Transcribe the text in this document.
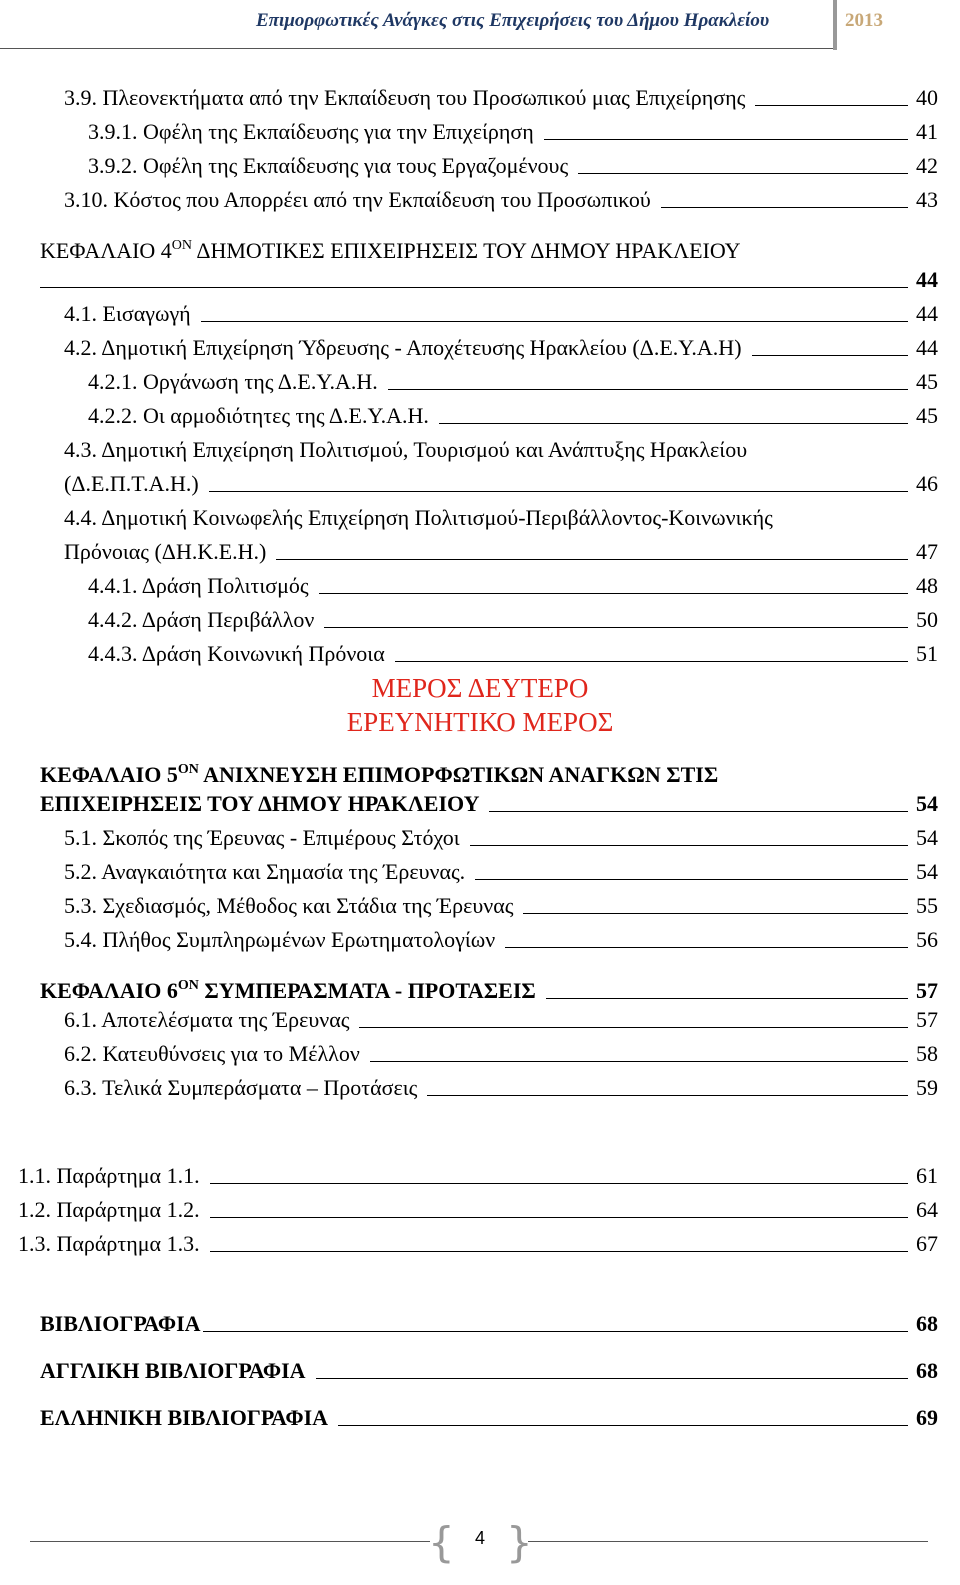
Επιμορφωτικές Ανάγκες στις Επιχειρήσεις του Δήμου Ηρακλείου	2013
3.9. Πλεονεκτήματα από την Εκπαίδευση του Προσωπικού μιας Επιχείρησης	40
3.9.1. Οφέλη της Εκπαίδευσης για την Επιχείρηση	41
3.9.2. Οφέλη της Εκπαίδευσης για τους Εργαζομένους	42
3.10. Κόστος που Απορρέει από την Εκπαίδευση του Προσωπικού	43
ΚΕΦΑΛΑΙΟ $4^{ON}$ ΔΗΜΟΤΙΚΕΣ ΕΠΙΧΕΙΡΗΣΕΙΣ ΤΟΥ ΔΗΜΟΥ ΗΡΑΚΛΕΙΟΥ
44
4.1. Εισαγωγή	44
4.2. Δημοτική Επιχείρηση Ύδρευσης - Αποχέτευσης Ηρακλείου (Δ.Ε.Υ.Α.Η)	44
4.2.1. Οργάνωση της Δ.Ε.Υ.Α.Η.	45
4.2.2. Οι αρμοδιότητες της Δ.Ε.Υ.Α.Η.	45
4.3. Δημοτική Επιχείρηση Πολιτισμού, Τουρισμού και Ανάπτυξης Ηρακλείου
(Δ.Ε.Π.Τ.Α.Η.)	46
4.4. Δημοτική Κοινωφελής Επιχείρηση Πολιτισμού-Περιβάλλοντος-Κοινωνικής
Πρόνοιας (ΔΗ.Κ.Ε.Η.)	47
4.4.1. Δράση Πολιτισμός	48
4.4.2. Δράση Περιβάλλον	50
4.4.3. Δράση Κοινωνική Πρόνοια	51
ΜΕΡΟΣ ΔΕΥΤΕΡΟ
ΕΡΕΥΝΗΤΙΚΟ ΜΕΡΟΣ
ΚΕΦΑΛΑΙΟ $5^{ON}$ ΑΝΙΧΝΕΥΣΗ ΕΠΙΜΟΡΦΩΤΙΚΩΝ ΑΝΑΓΚΩΝ ΣΤΙΣ
ΕΠΙΧΕΙΡΗΣΕΙΣ ΤΟΥ ΔΗΜΟΥ ΗΡΑΚΛΕΙΟΥ	54
5.1. Σκοπός της Έρευνας - Επιμέρους Στόχοι	54
5.2. Αναγκαιότητα και Σημασία της Έρευνας.	54
5.3. Σχεδιασμός, Μέθοδος και Στάδια της Έρευνας	55
5.4. Πλήθος Συμπληρωμένων Ερωτηματολογίων	56
ΚΕΦΑΛΑΙΟ $6^{ON}$ ΣΥΜΠΕΡΑΣΜΑΤΑ - ΠΡΟΤΑΣΕΙΣ	57
6.1. Αποτελέσματα της Έρευνας	57
6.2. Κατευθύνσεις για το Μέλλον	58
6.3. Τελικά Συμπεράσματα – Προτάσεις	59
1.1. Παράρτημα 1.1.	61
1.2. Παράρτημα 1.2.	64
1.3. Παράρτημα 1.3.	67
ΒΙΒΛΙΟΓΡΑΦΙΑ	68
ΑΓΓΛΙΚΗ ΒΙΒΛΙΟΓΡΑΦΙΑ	68
ΕΛΛΗΝΙΚΗ ΒΙΒΛΙΟΓΡΑΦΙΑ	69
{ }
4
